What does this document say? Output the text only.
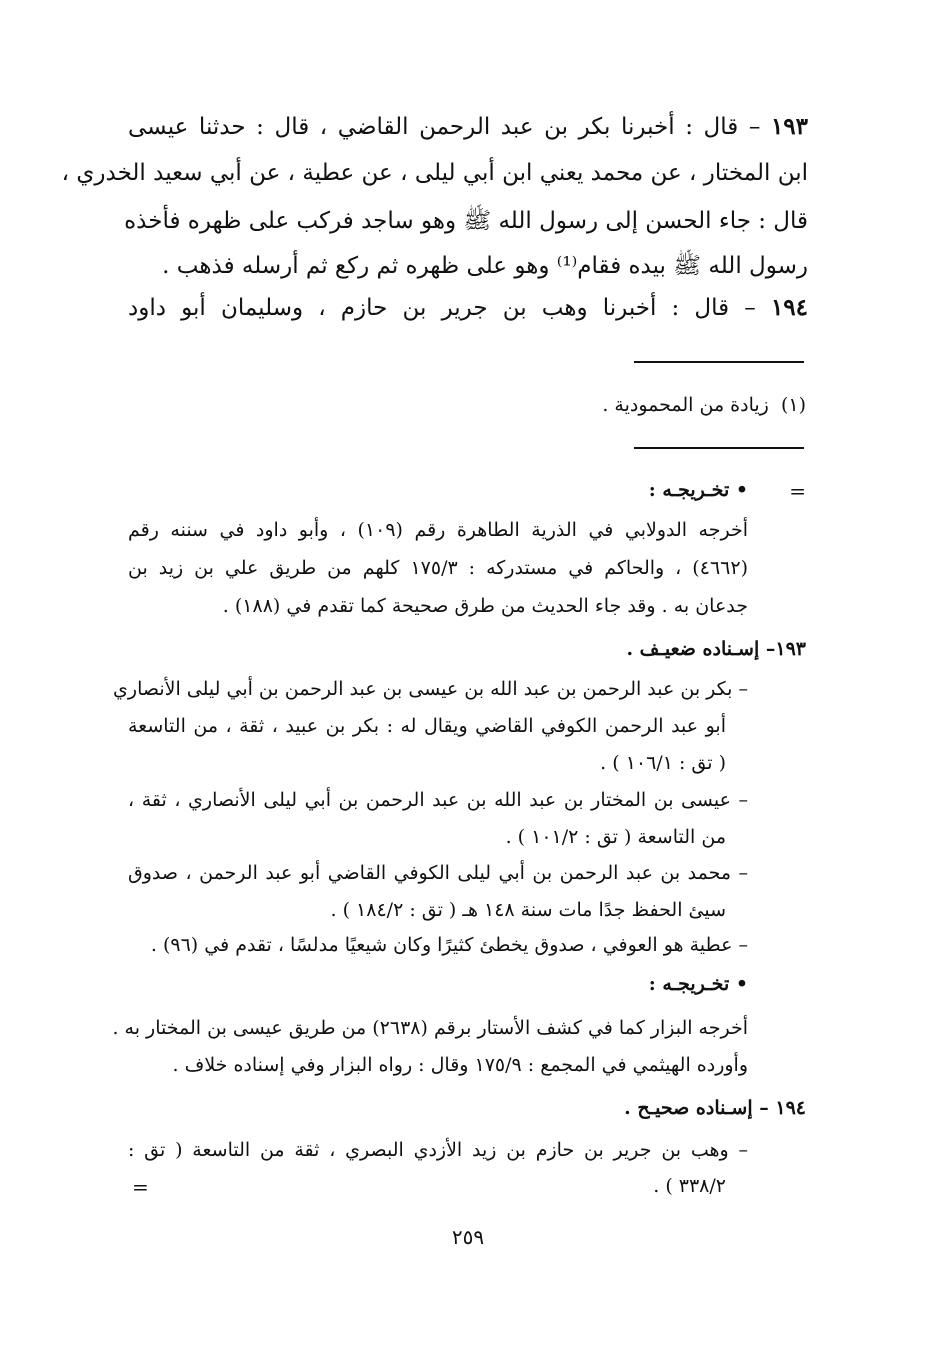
١٩٣ – قال : أخبرنا بكر بن عبد الرحمن القاضي ، قال : حدثنا عيسى
ابن المختار ، عن محمد يعني ابن أبي ليلى ، عن عطية ، عن أبي سعيد الخدري ،
قال : جاء الحسن إلى رسول الله ﷺ وهو ساجد فركب على ظهره فأخذه
رسول الله ﷺ بيده فقام⁽¹⁾ وهو على ظهره ثم ركع ثم أرسله فذهب .
١٩٤ – قال : أخبرنا وهب بن جرير بن حازم ، وسليمان أبو داود
(١)  زيادة من المحمودية .
=
• تخـريجـه :
أخرجه الدولابي في الذرية الطاهرة رقم (١٠٩) ، وأبو داود في سننه رقم
(٤٦٦٢) ، والحاكم في مستدركه : ١٧٥/٣ كلهم من طريق علي بن زيد بن
جدعان به . وقد جاء الحديث من طرق صحيحة كما تقدم في (١٨٨) .
١٩٣– إسـناده ضعيـف .
– بكر بن عبد الرحمن بن عبد الله بن عيسى بن عبد الرحمن بن أبي ليلى الأنصاري
أبو عبد الرحمن الكوفي القاضي ويقال له : بكر بن عبيد ، ثقة ، من التاسعة
( تق : ١٠٦/١ ) .
– عيسى بن المختار بن عبد الله بن عبد الرحمن بن أبي ليلى الأنصاري ، ثقة ،
من التاسعة ( تق : ١٠١/٢ ) .
– محمد بن عبد الرحمن بن أبي ليلى الكوفي القاضي أبو عبد الرحمن ، صدوق
سيئ الحفظ جدًا مات سنة ١٤٨ هـ ( تق : ١٨٤/٢ ) .
– عطية هو العوفي ، صدوق يخطئ كثيرًا وكان شيعيًا مدلسًا ، تقدم في (٩٦) .
• تخـريجـه :
أخرجه البزار كما في كشف الأستار برقم (٢٦٣٨) من طريق عيسى بن المختار به .
وأورده الهيثمي في المجمع : ١٧٥/٩ وقال : رواه البزار وفي إسناده خلاف .
١٩٤ – إسـناده صحيـح .
– وهب بن جرير بن حازم بن زيد الأزدي البصري ، ثقة من التاسعة ( تق :
٣٣٨/٢ ) .
=
٢٥٩
